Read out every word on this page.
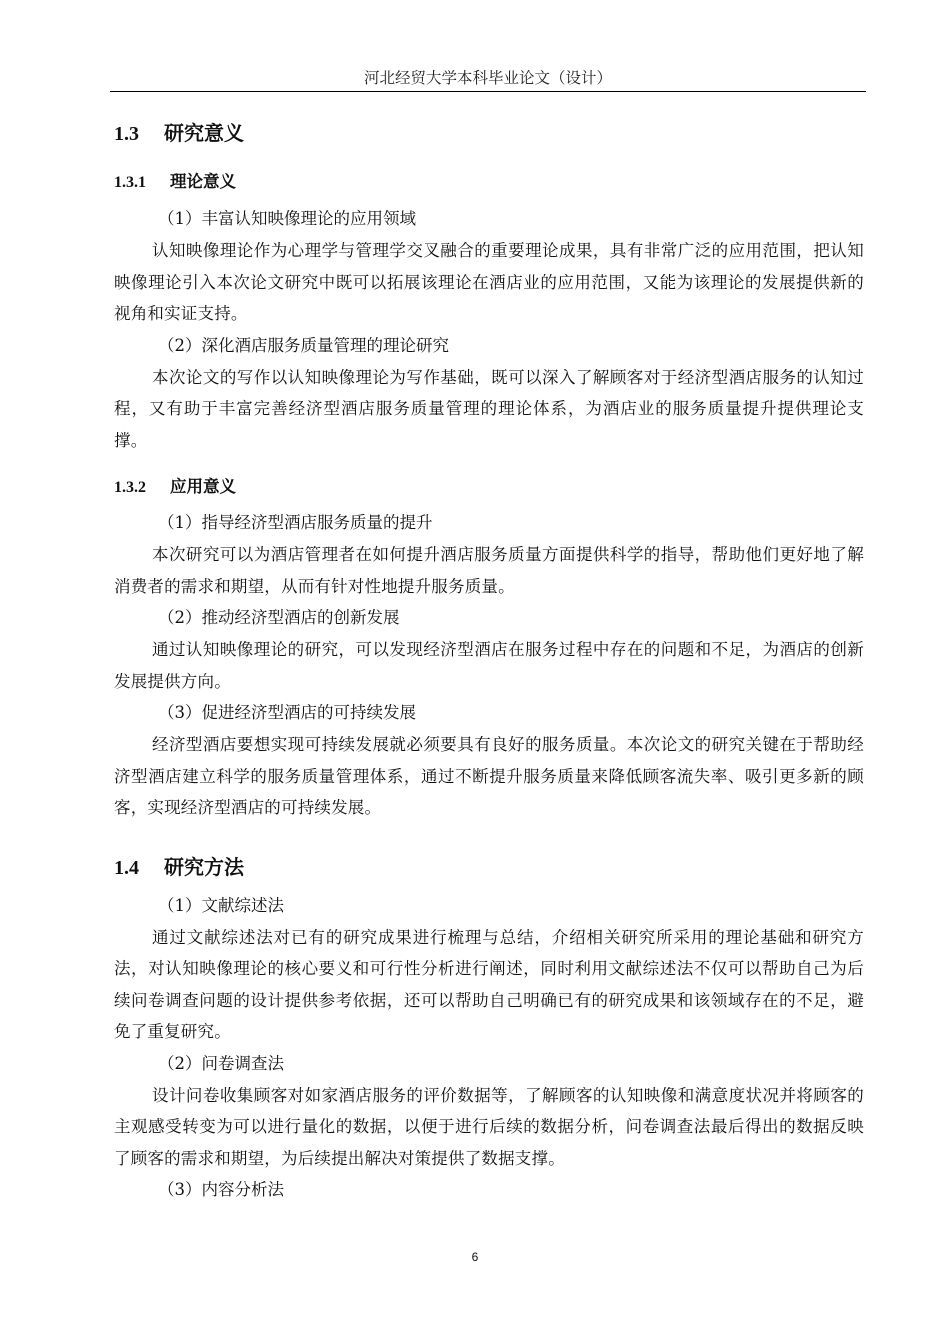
河北经贸大学本科毕业论文（设计）
1.3 研究意义
1.3.1 理论意义

（1）丰富认知映像理论的应用领域

认知映像理论作为心理学与管理学交叉融合的重要理论成果，具有非常广泛的应用范围，把认知映像理论引入本次论文研究中既可以拓展该理论在酒店业的应用范围，又能为该理论的发展提供新的视角和实证支持。

（2）深化酒店服务质量管理的理论研究

本次论文的写作以认知映像理论为写作基础，既可以深入了解顾客对于经济型酒店服务的认知过程，又有助于丰富完善经济型酒店服务质量管理的理论体系，为酒店业的服务质量提升提供理论支撑。

1.3.2 应用意义

（1）指导经济型酒店服务质量的提升

本次研究可以为酒店管理者在如何提升酒店服务质量方面提供科学的指导，帮助他们更好地了解消费者的需求和期望，从而有针对性地提升服务质量。

（2）推动经济型酒店的创新发展

通过认知映像理论的研究，可以发现经济型酒店在服务过程中存在的问题和不足，为酒店的创新发展提供方向。

（3）促进经济型酒店的可持续发展

经济型酒店要想实现可持续发展就必须要具有良好的服务质量。本次论文的研究关键在于帮助经济型酒店建立科学的服务质量管理体系，通过不断提升服务质量来降低顾客流失率、吸引更多新的顾客，实现经济型酒店的可持续发展。

1.4 研究方法

（1）文献综述法

通过文献综述法对已有的研究成果进行梳理与总结，介绍相关研究所采用的理论基础和研究方法，对认知映像理论的核心要义和可行性分析进行阐述，同时利用文献综述法不仅可以帮助自己为后续问卷调查问题的设计提供参考依据，还可以帮助自己明确已有的研究成果和该领域存在的不足，避免了重复研究。

（2）问卷调查法

设计问卷收集顾客对如家酒店服务的评价数据等，了解顾客的认知映像和满意度状况并将顾客的主观感受转变为可以进行量化的数据，以便于进行后续的数据分析，问卷调查法最后得出的数据反映了顾客的需求和期望，为后续提出解决对策提供了数据支撑。

（3）内容分析法

6
